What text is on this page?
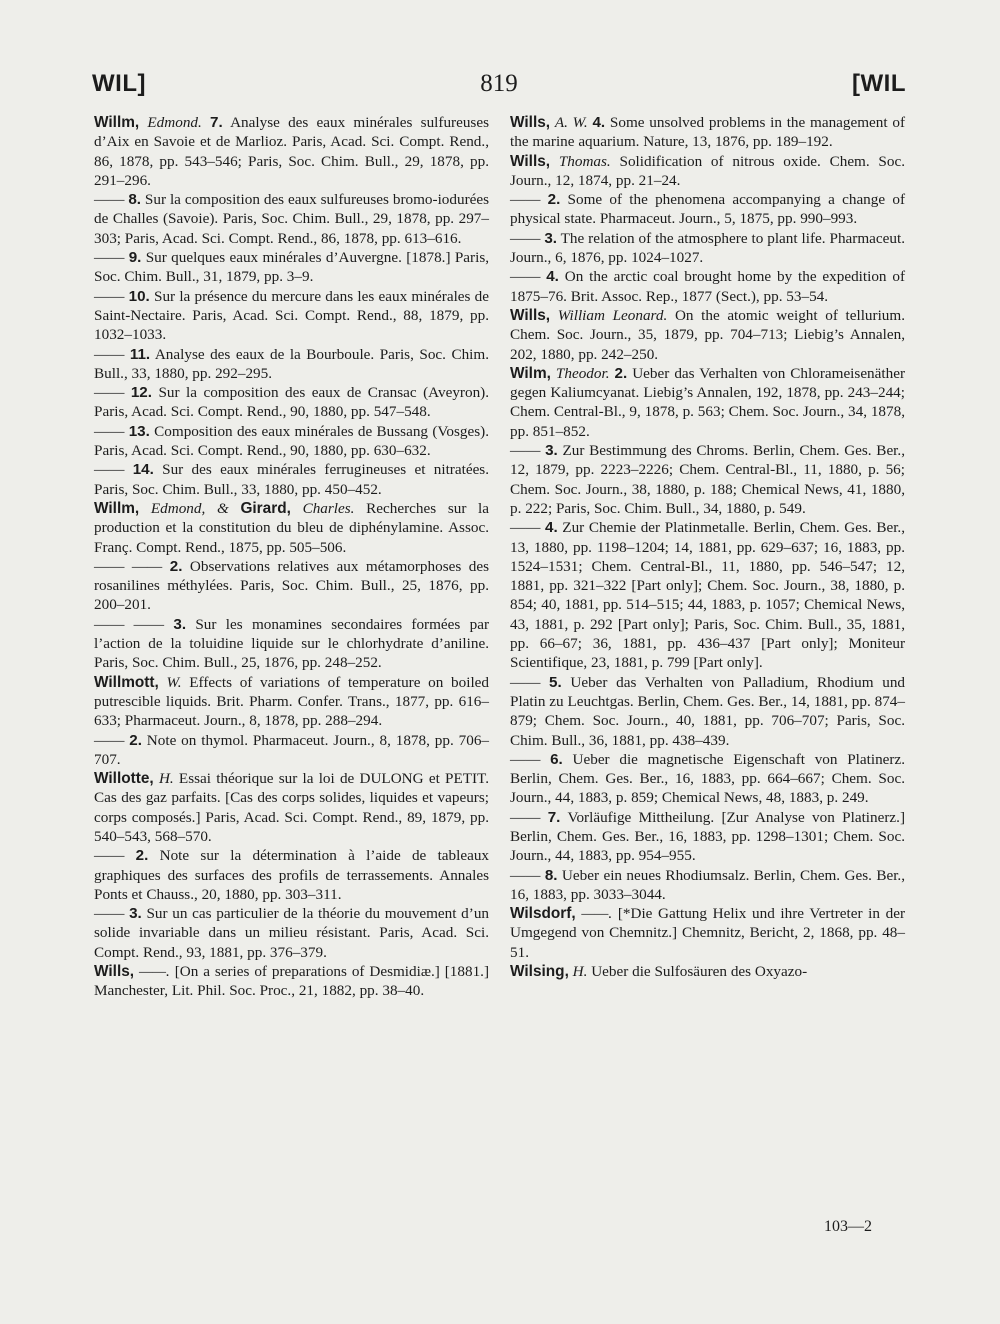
WIL]	819	[WIL

Willm, Edmond. 7. Analyse des eaux minérales sulfureuses d’Aix en Savoie et de Marlioz. Paris, Acad. Sci. Compt. Rend., 86, 1878, pp. 543–546; Paris, Soc. Chim. Bull., 29, 1878, pp. 291–296.

—— 8. Sur la composition des eaux sulfureuses bromo-iodurées de Challes (Savoie). Paris, Soc. Chim. Bull., 29, 1878, pp. 297–303; Paris, Acad. Sci. Compt. Rend., 86, 1878, pp. 613–616.

—— 9. Sur quelques eaux minérales d’Auvergne. [1878.] Paris, Soc. Chim. Bull., 31, 1879, pp. 3–9.

—— 10. Sur la présence du mercure dans les eaux minérales de Saint-Nectaire. Paris, Acad. Sci. Compt. Rend., 88, 1879, pp. 1032–1033.

—— 11. Analyse des eaux de la Bourboule. Paris, Soc. Chim. Bull., 33, 1880, pp. 292–295.

—— 12. Sur la composition des eaux de Cransac (Aveyron). Paris, Acad. Sci. Compt. Rend., 90, 1880, pp. 547–548.

—— 13. Composition des eaux minérales de Bussang (Vosges). Paris, Acad. Sci. Compt. Rend., 90, 1880, pp. 630–632.

—— 14. Sur des eaux minérales ferrugineuses et nitratées. Paris, Soc. Chim. Bull., 33, 1880, pp. 450–452.

Willm, Edmond, & Girard, Charles. Recherches sur la production et la constitution du bleu de diphénylamine. Assoc. Franç. Compt. Rend., 1875, pp. 505–506.

—— —— 2. Observations relatives aux métamorphoses des rosanilines méthylées. Paris, Soc. Chim. Bull., 25, 1876, pp. 200–201.

—— —— 3. Sur les monamines secondaires formées par l’action de la toluidine liquide sur le chlorhydrate d’aniline. Paris, Soc. Chim. Bull., 25, 1876, pp. 248–252.

Willmott, W. Effects of variations of temperature on boiled putrescible liquids. Brit. Pharm. Confer. Trans., 1877, pp. 616–633; Pharmaceut. Journ., 8, 1878, pp. 288–294.

—— 2. Note on thymol. Pharmaceut. Journ., 8, 1878, pp. 706–707.

Willotte, H. Essai théorique sur la loi de DULONG et PETIT. Cas des gaz parfaits. [Cas des corps solides, liquides et vapeurs; corps composés.] Paris, Acad. Sci. Compt. Rend., 89, 1879, pp. 540–543, 568–570.

—— 2. Note sur la détermination à l’aide de tableaux graphiques des surfaces des profils de terrassements. Annales Ponts et Chauss., 20, 1880, pp. 303–311.

—— 3. Sur un cas particulier de la théorie du mouvement d’un solide invariable dans un milieu résistant. Paris, Acad. Sci. Compt. Rend., 93, 1881, pp. 376–379.

Wills, ——. [On a series of preparations of Desmidiæ.] [1881.] Manchester, Lit. Phil. Soc. Proc., 21, 1882, pp. 38–40.

Wills, A. W. 4. Some unsolved problems in the management of the marine aquarium. Nature, 13, 1876, pp. 189–192.

Wills, Thomas. Solidification of nitrous oxide. Chem. Soc. Journ., 12, 1874, pp. 21–24.

—— 2. Some of the phenomena accompanying a change of physical state. Pharmaceut. Journ., 5, 1875, pp. 990–993.

—— 3. The relation of the atmosphere to plant life. Pharmaceut. Journ., 6, 1876, pp. 1024–1027.

—— 4. On the arctic coal brought home by the expedition of 1875–76. Brit. Assoc. Rep., 1877 (Sect.), pp. 53–54.

Wills, William Leonard. On the atomic weight of tellurium. Chem. Soc. Journ., 35, 1879, pp. 704–713; Liebig’s Annalen, 202, 1880, pp. 242–250.

Wilm, Theodor. 2. Ueber das Verhalten von Chlorameisenäther gegen Kaliumcyanat. Liebig’s Annalen, 192, 1878, pp. 243–244; Chem. Central-Bl., 9, 1878, p. 563; Chem. Soc. Journ., 34, 1878, pp. 851–852.

—— 3. Zur Bestimmung des Chroms. Berlin, Chem. Ges. Ber., 12, 1879, pp. 2223–2226; Chem. Central-Bl., 11, 1880, p. 56; Chem. Soc. Journ., 38, 1880, p. 188; Chemical News, 41, 1880, p. 222; Paris, Soc. Chim. Bull., 34, 1880, p. 549.

—— 4. Zur Chemie der Platinmetalle. Berlin, Chem. Ges. Ber., 13, 1880, pp. 1198–1204; 14, 1881, pp. 629–637; 16, 1883, pp. 1524–1531; Chem. Central-Bl., 11, 1880, pp. 546–547; 12, 1881, pp. 321–322 [Part only]; Chem. Soc. Journ., 38, 1880, p. 854; 40, 1881, pp. 514–515; 44, 1883, p. 1057; Chemical News, 43, 1881, p. 292 [Part only]; Paris, Soc. Chim. Bull., 35, 1881, pp. 66–67; 36, 1881, pp. 436–437 [Part only]; Moniteur Scientifique, 23, 1881, p. 799 [Part only].

—— 5. Ueber das Verhalten von Palladium, Rhodium und Platin zu Leuchtgas. Berlin, Chem. Ges. Ber., 14, 1881, pp. 874–879; Chem. Soc. Journ., 40, 1881, pp. 706–707; Paris, Soc. Chim. Bull., 36, 1881, pp. 438–439.

—— 6. Ueber die magnetische Eigenschaft von Platinerz. Berlin, Chem. Ges. Ber., 16, 1883, pp. 664–667; Chem. Soc. Journ., 44, 1883, p. 859; Chemical News, 48, 1883, p. 249.

—— 7. Vorläufige Mittheilung. [Zur Analyse von Platinerz.] Berlin, Chem. Ges. Ber., 16, 1883, pp. 1298–1301; Chem. Soc. Journ., 44, 1883, pp. 954–955.

—— 8. Ueber ein neues Rhodiumsalz. Berlin, Chem. Ges. Ber., 16, 1883, pp. 3033–3044.

Wilsdorf, ——. [*Die Gattung Helix und ihre Vertreter in der Umgegend von Chemnitz.] Chemnitz, Bericht, 2, 1868, pp. 48–51.

Wilsing, H. Ueber die Sulfosäuren des Oxyazo-

103—2
